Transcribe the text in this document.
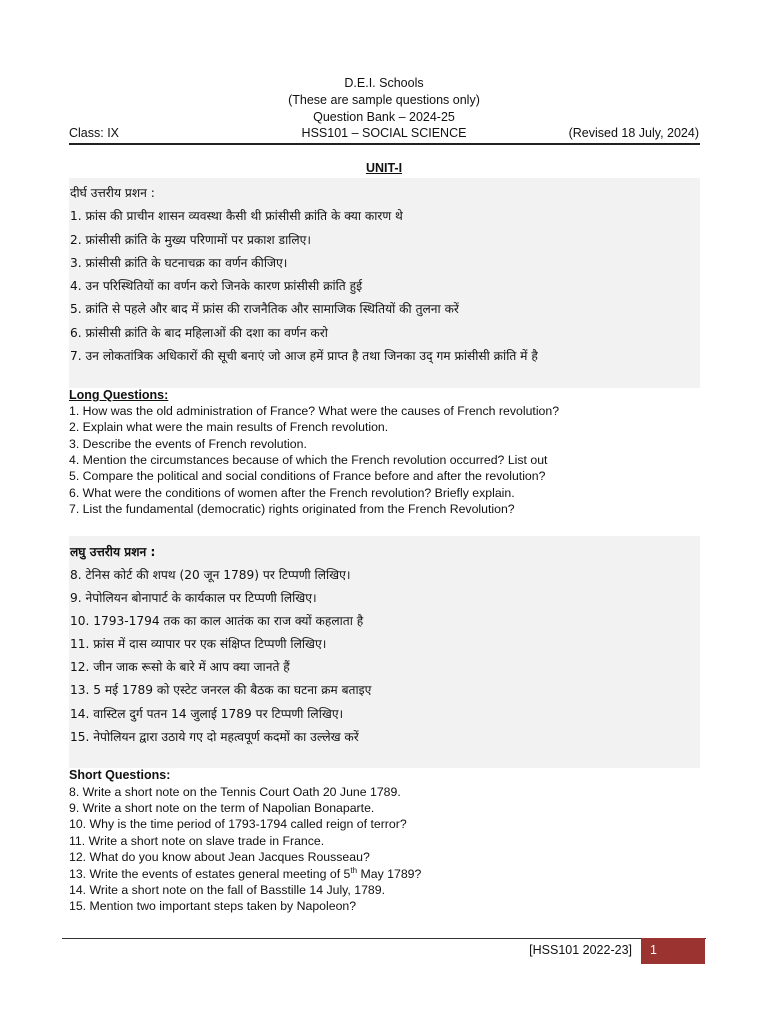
D.E.I. Schools
(These are sample questions only)
Question Bank – 2024-25
Class: IX	HSS101 – SOCIAL SCIENCE	(Revised 18 July, 2024)
UNIT-I
दीर्घ उत्तरीय प्रशन :
1. फ्रांस की प्राचीन शासन व्यवस्था कैसी थी फ्रांसीसी क्रांति के क्या कारण थे
2. फ्रांसीसी क्रांति के मुख्य परिणामों पर प्रकाश डालिए।
3. फ्रांसीसी क्रांति के घटनाचक्र का वर्णन कीजिए।
4. उन परिस्थितियों का वर्णन करो जिनके कारण फ्रांसीसी क्रांति हुई
5. क्रांति से पहले और बाद में फ्रांस की राजनैतिक और सामाजिक स्थितियों की तुलना करें
6. फ्रांसीसी क्रांति के बाद महिलाओं की दशा का वर्णन करो
7. उन लोकतांत्रिक अधिकारों की सूची बनाएं जो आज हमें प्राप्त है तथा जिनका उद् गम फ्रांसीसी क्रांति में है
Long Questions:
1. How was the old administration of France? What were the causes of French revolution?
2. Explain what were the main results of French revolution.
3. Describe the events of French revolution.
4. Mention the circumstances because of which the French revolution occurred? List out
5. Compare the political and social conditions of France before and after the revolution?
6. What were the conditions of women after the French revolution? Briefly explain.
7. List the fundamental (democratic) rights originated from the French Revolution?
लघु उत्तरीय प्रशन :
8. टेनिस कोर्ट की शपथ (20 जून 1789) पर टिप्पणी लिखिए।
9. नेपोलियन बोनापार्ट के कार्यकाल पर टिप्पणी लिखिए।
10. 1793-1794 तक का काल आतंक का राज क्यों कहलाता है
11. फ्रांस में दास व्यापार पर एक संक्षिप्त टिप्पणी लिखिए।
12. जीन जाक रूसो के बारे में आप क्या जानते हैं
13. 5 मई 1789 को एस्टेट जनरल की बैठक का घटना क्रम बताइए
14. वास्टिल दुर्ग पतन 14 जुलाई 1789 पर टिप्पणी लिखिए।
15. नेपोलियन द्वारा उठाये गए दो महत्वपूर्ण कदमों का उल्लेख करें
Short Questions:
8. Write a short note on the Tennis Court Oath 20 June 1789.
9. Write a short note on the term of Napolian Bonaparte.
10. Why is the time period of 1793-1794 called reign of terror?
11. Write a short note on slave trade in France.
12. What do you know about Jean Jacques Rousseau?
13. Write the events of estates general meeting of 5th May 1789?
14. Write a short note on the fall of Basstille 14 July, 1789.
15. Mention two important steps taken by Napoleon?
[HSS101 2022-23] 1
